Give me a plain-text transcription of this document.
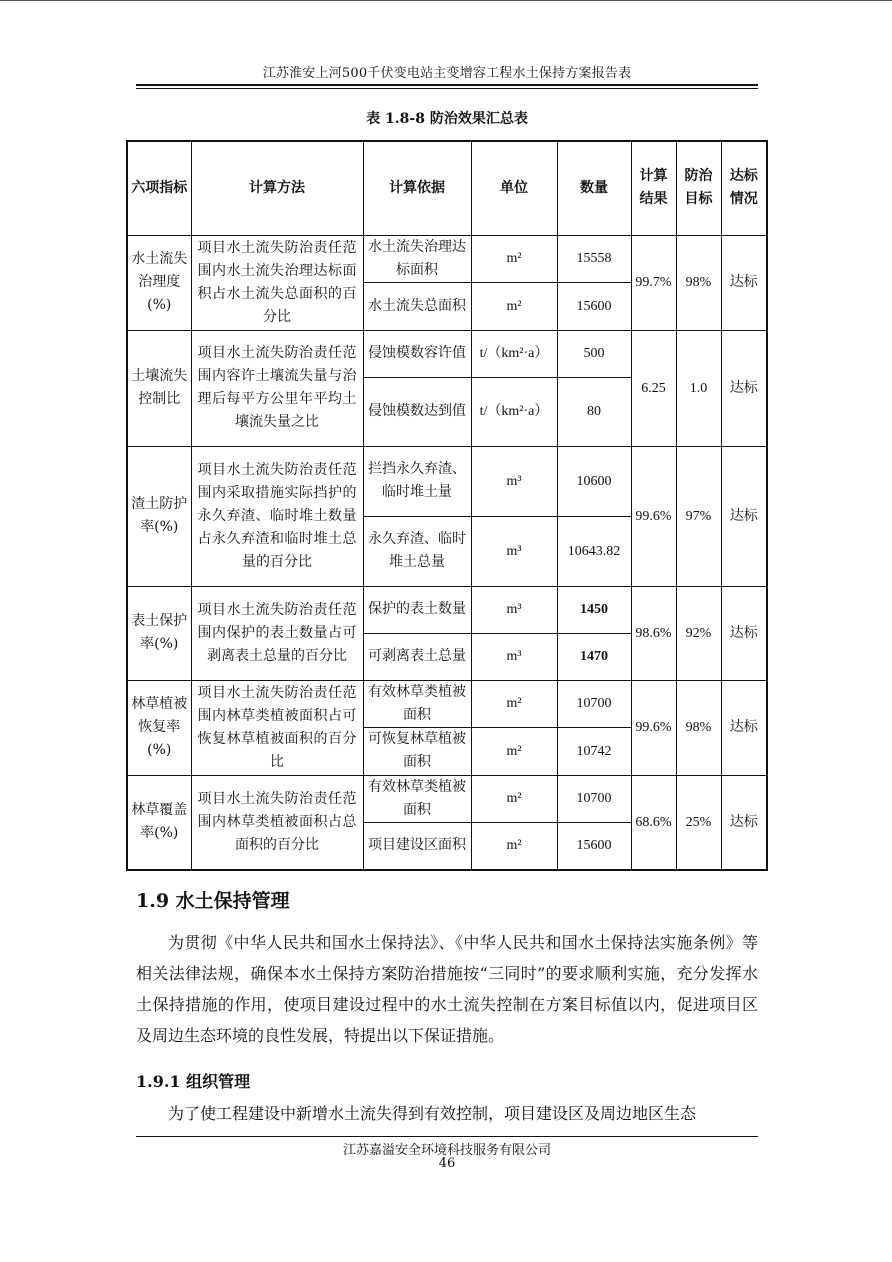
江苏淮安上河500千伏变电站主变增容工程水土保持方案报告表
表 1.8-8 防治效果汇总表
六项指标	计算方法	计算依据	单位	数量	计算结果	防治目标	达标情况
水土流失治理度(%)	项目水土流失防治责任范围内水土流失治理达标面积占水土流失总面积的百分比	水土流失治理达标面积	m²	15558	99.7%	98%	达标
		水土流失总面积	m²	15600			
土壤流失控制比	项目水土流失防治责任范围内容许土壤流失量与治理后每平方公里年平均土壤流失量之比	侵蚀模数容许值	t/（km²·a）	500	6.25	1.0	达标
		侵蚀模数达到值	t/（km²·a）	80			
渣土防护率(%)	项目水土流失防治责任范围内采取措施实际挡护的永久弃渣、临时堆土数量占永久弃渣和临时堆土总量的百分比	拦挡永久弃渣、临时堆土量	m³	10600	99.6%	97%	达标
		永久弃渣、临时堆土总量	m³	10643.82			
表土保护率(%)	项目水土流失防治责任范围内保护的表土数量占可剥离表土总量的百分比	保护的表土数量	m³	1450	98.6%	92%	达标
		可剥离表土总量	m³	1470			
林草植被恢复率(%)	项目水土流失防治责任范围内林草类植被面积占可恢复林草植被面积的百分比	有效林草类植被面积	m²	10700	99.6%	98%	达标
		可恢复林草植被面积	m²	10742			
林草覆盖率(%)	项目水土流失防治责任范围内林草类植被面积占总面积的百分比	有效林草类植被面积	m²	10700	68.6%	25%	达标
		项目建设区面积	m²	15600			
1.9 水土保持管理

为贯彻《中华人民共和国水土保持法》、《中华人民共和国水土保持法实施条例》等相关法律法规，确保本水土保持方案防治措施按“三同时”的要求顺利实施，充分发挥水土保持措施的作用，使项目建设过程中的水土流失控制在方案目标值以内，促进项目区及周边生态环境的良性发展，特提出以下保证措施。

1.9.1 组织管理

为了使工程建设中新增水土流失得到有效控制，项目建设区及周边地区生态

江苏嘉溢安全环境科技服务有限公司
46
